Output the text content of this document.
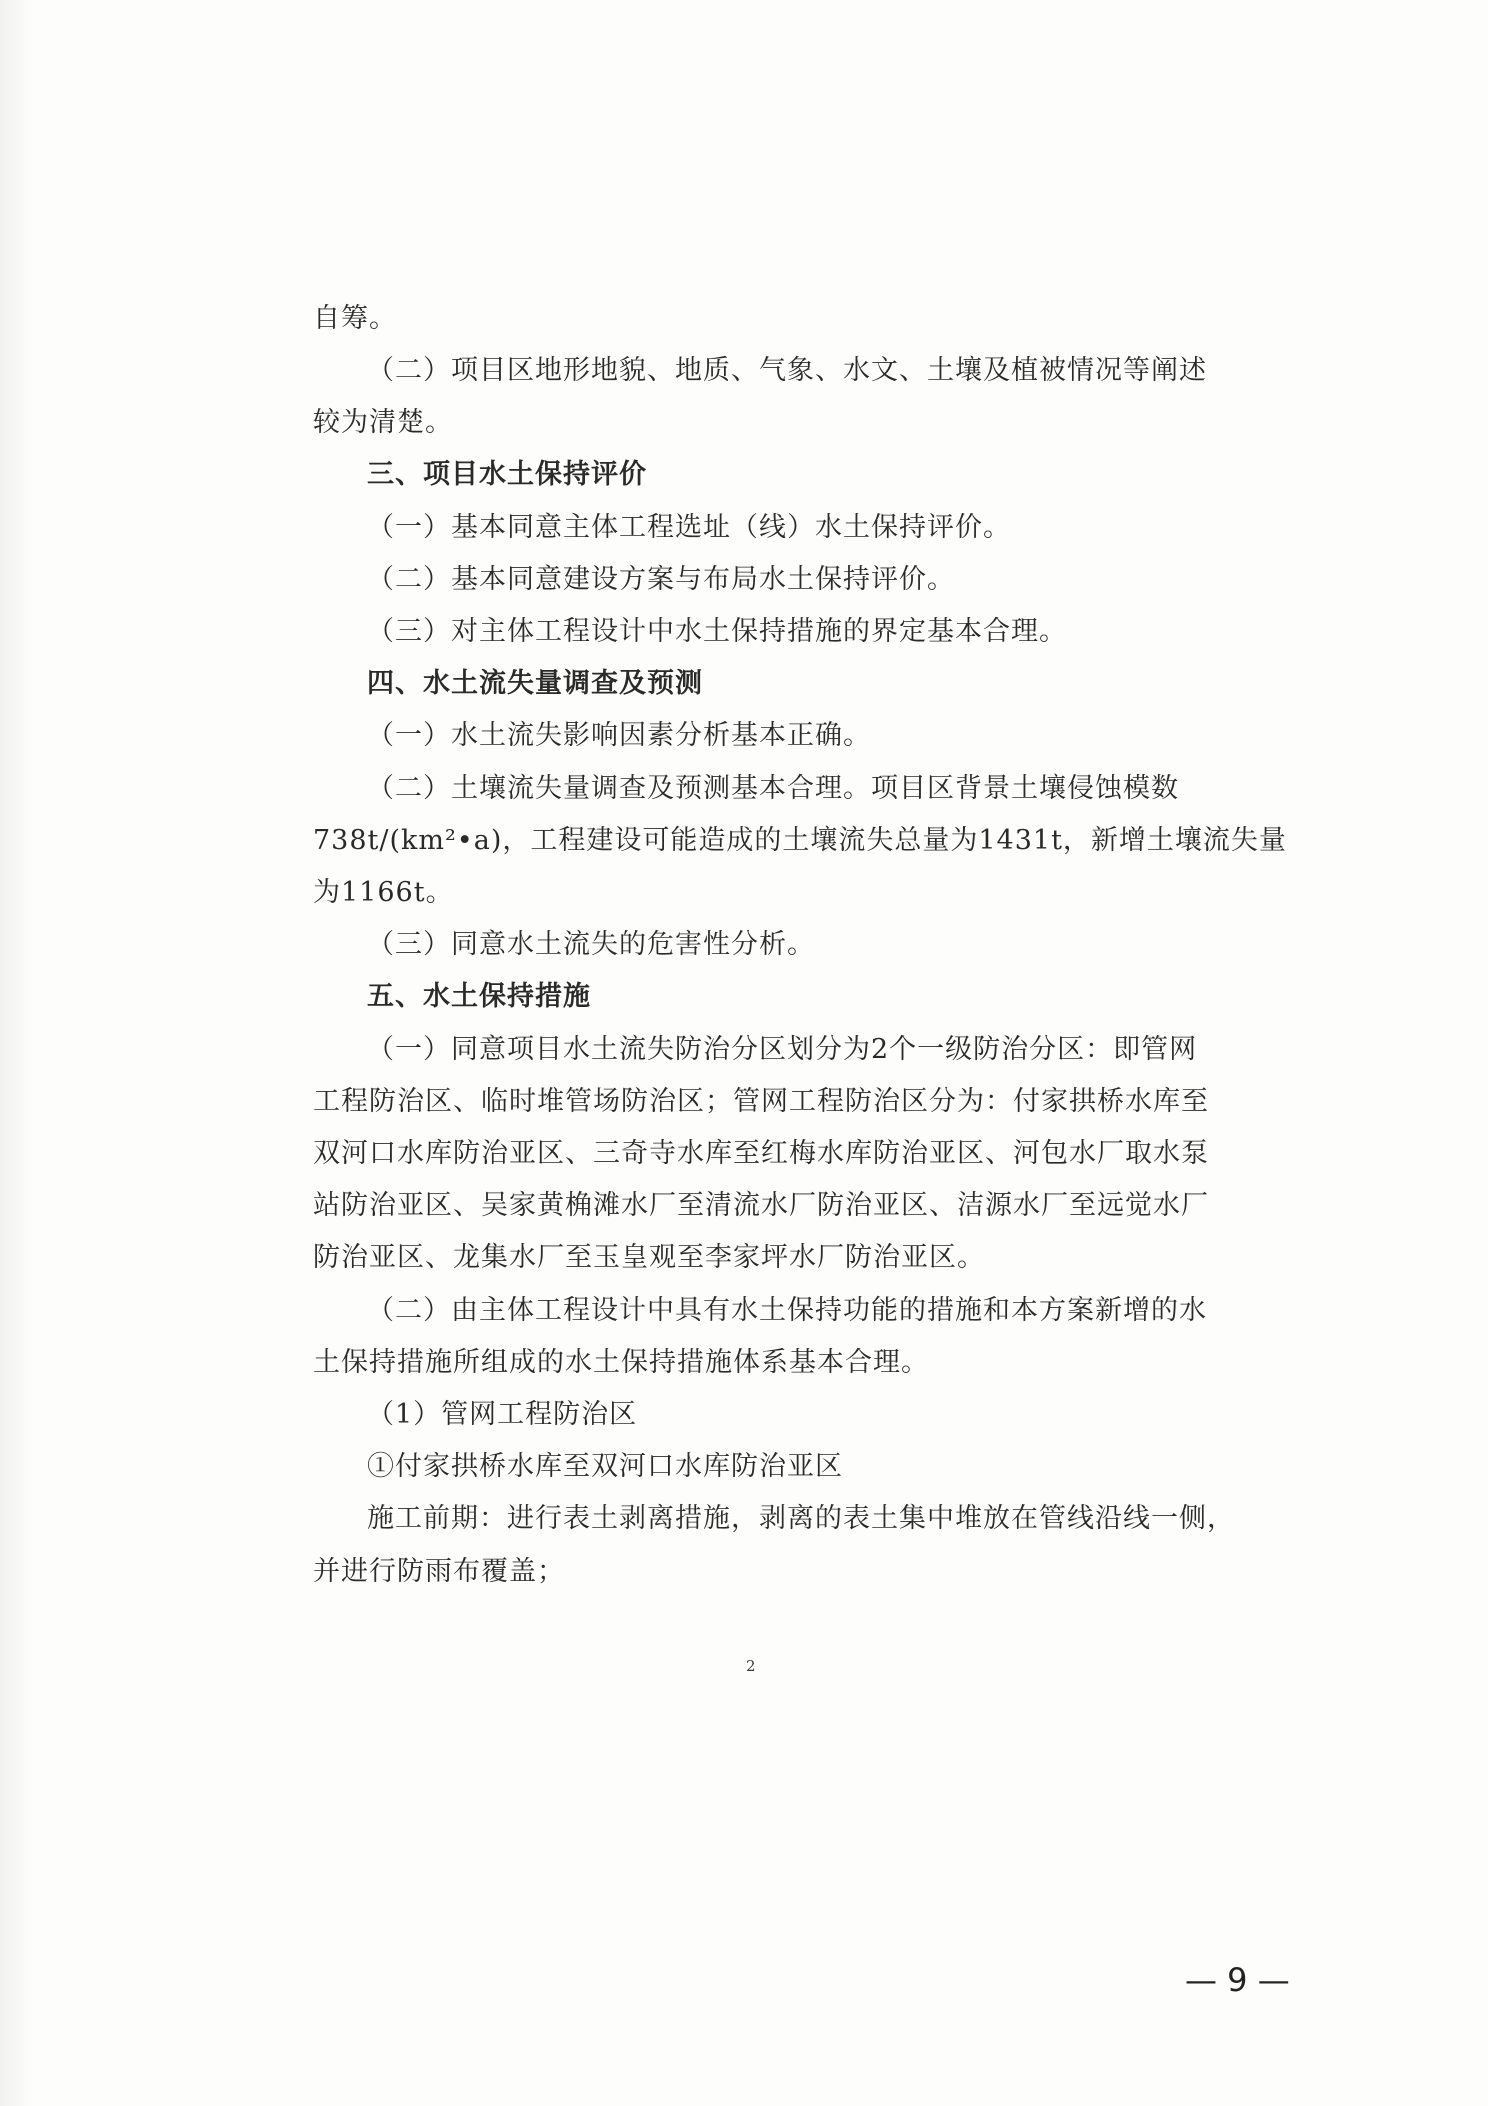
自筹。
（二）项目区地形地貌、地质、气象、水文、土壤及植被情况等阐述
较为清楚。
三、项目水土保持评价
（一）基本同意主体工程选址（线）水土保持评价。
（二）基本同意建设方案与布局水土保持评价。
（三）对主体工程设计中水土保持措施的界定基本合理。
四、水土流失量调查及预测
（一）水土流失影响因素分析基本正确。
（二）土壤流失量调查及预测基本合理。项目区背景土壤侵蚀模数
738t/(km²•a)，工程建设可能造成的土壤流失总量为1431t，新增土壤流失量
为1166t。
（三）同意水土流失的危害性分析。
五、水土保持措施
（一）同意项目水土流失防治分区划分为2个一级防治分区：即管网
工程防治区、临时堆管场防治区；管网工程防治区分为：付家拱桥水库至
双河口水库防治亚区、三奇寺水库至红梅水库防治亚区、河包水厂取水泵
站防治亚区、吴家黄桷滩水厂至清流水厂防治亚区、洁源水厂至远觉水厂
防治亚区、龙集水厂至玉皇观至李家坪水厂防治亚区。
（二）由主体工程设计中具有水土保持功能的措施和本方案新增的水
土保持措施所组成的水土保持措施体系基本合理。
（1）管网工程防治区
①付家拱桥水库至双河口水库防治亚区
施工前期：进行表土剥离措施，剥离的表土集中堆放在管线沿线一侧，
并进行防雨布覆盖；
2
— 9 —
